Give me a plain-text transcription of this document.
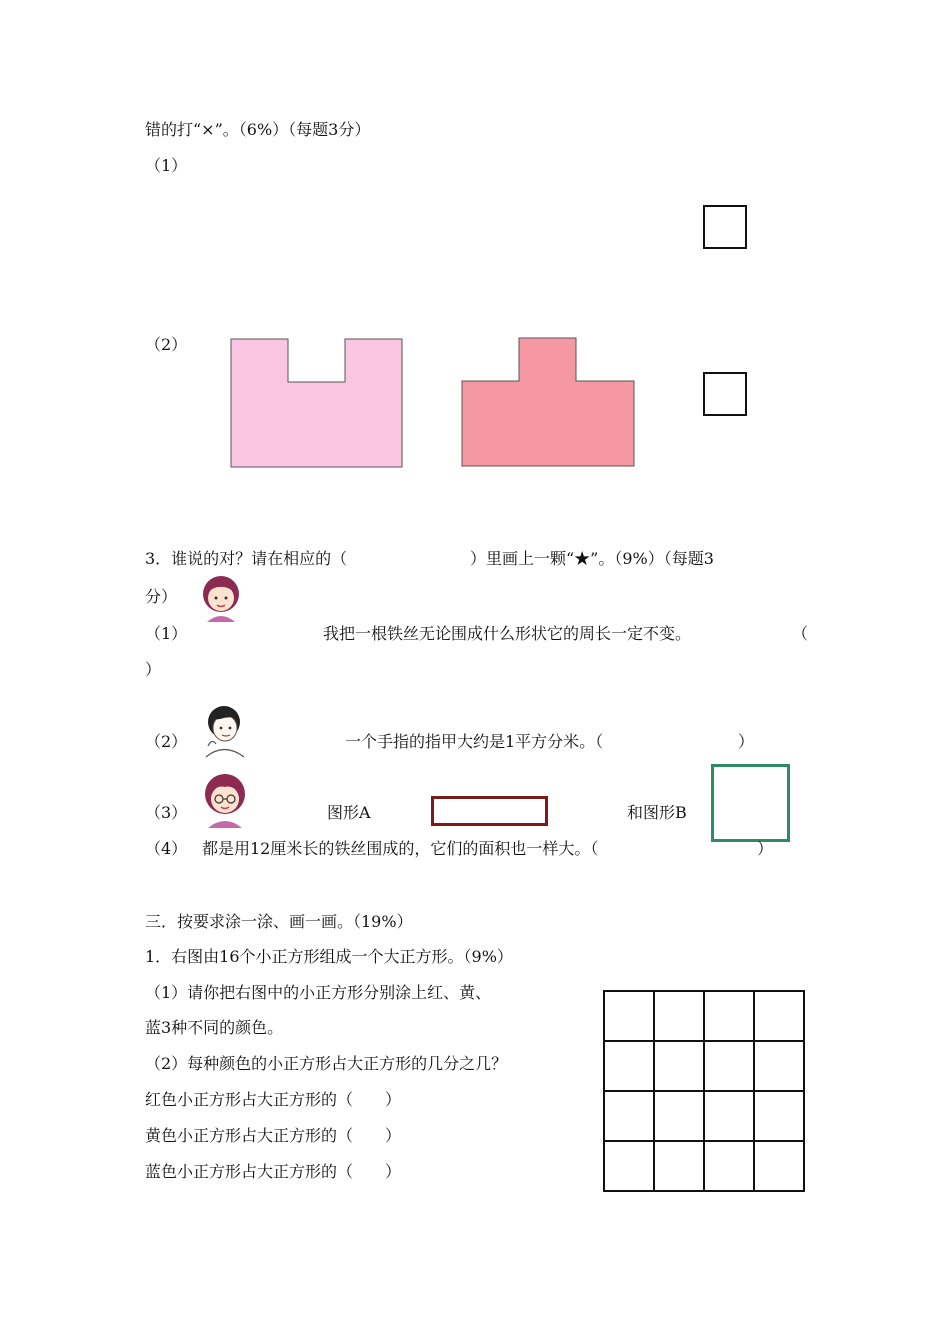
错的打“×”。（6%）（每题3分）
（1）
（2）
3．谁说的对？请在相应的（	）里画上一颗“★”。（9%）（每题3
分）
（1）	我把一根铁丝无论围成什么形状它的周长一定不变。	（
）
（2）	一个手指的指甲大约是1平方分米。（	）
（3）	图形A	和图形B
（4） 都是用12厘米长的铁丝围成的，它们的面积也一样大。（	）
三．按要求涂一涂、画一画。（19%）
1．右图由16个小正方形组成一个大正方形。（9%）
（1）请你把右图中的小正方形分别涂上红、黄、
蓝3种不同的颜色。
（2）每种颜色的小正方形占大正方形的几分之几？
红色小正方形占大正方形的（　　）
黄色小正方形占大正方形的（　　）
蓝色小正方形占大正方形的（　　）
